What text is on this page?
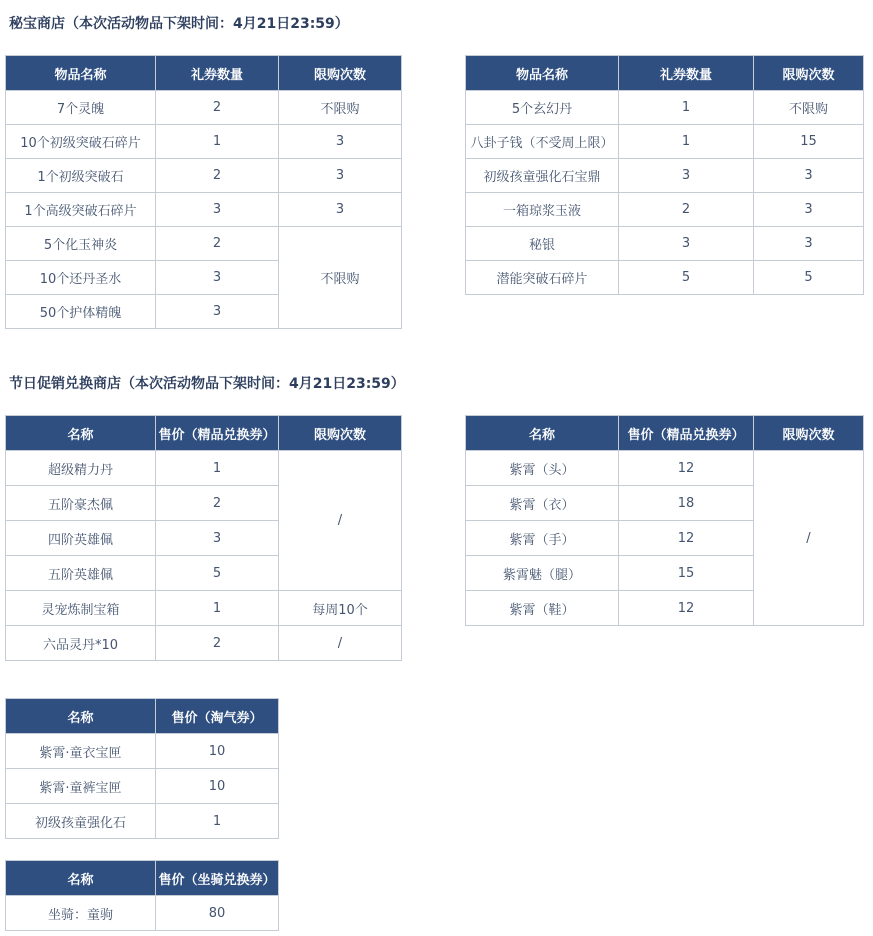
秘宝商店（本次活动物品下架时间：4月21日23:59）
物品名称	礼券数量	限购次数
7个灵魄	2	不限购
10个初级突破石碎片	1	3
1个初级突破石	2	3
1个高级突破石碎片	3	3
5个化玉神炎	2	不限购
10个还丹圣水	3	
50个护体精魄	3	
物品名称	礼券数量	限购次数
5个玄幻丹	1	不限购
八卦子钱（不受周上限）	1	15
初级孩童强化石宝鼎	3	3
一箱琼浆玉液	2	3
秘银	3	3
潜能突破石碎片	5	5
节日促销兑换商店（本次活动物品下架时间：4月21日23:59）
名称	售价（精品兑换券）	限购次数
超级精力丹	1	/
五阶豪杰佩	2	
四阶英雄佩	3	
五阶英雄佩	5	
灵宠炼制宝箱	1	每周10个
六品灵丹*10	2	/
名称	售价（精品兑换券）	限购次数
紫霄（头）	12	/
紫霄（衣）	18	
紫霄（手）	12	
紫霄魅（腿）	15	
紫霄（鞋）	12	
名称	售价（淘气券）
紫霄·童衣宝匣	10
紫霄·童裤宝匣	10
初级孩童强化石	1
名称	售价（坐骑兑换券）
坐骑：童驹	80
